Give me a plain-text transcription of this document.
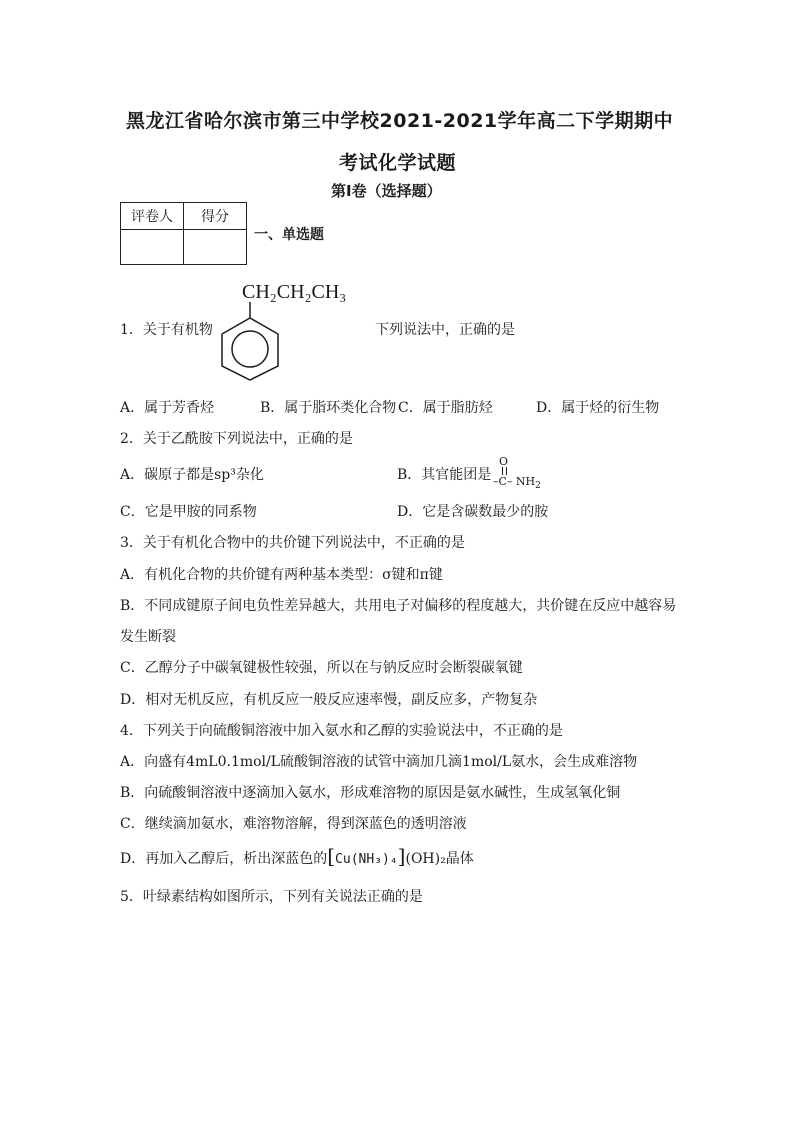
黑龙江省哈尔滨市第三中学校2021-2021学年高二下学期期中
考试化学试题
第I卷（选择题）
评卷人	得分

一、单选题
CH₂CH₂CH₃
1．关于有机物	下列说法中，正确的是
A．属于芳香烃	B．属于脂环类化合物 C．属于脂肪烃	D．属于烃的衍生物
2．关于乙酰胺下列说法中，正确的是
A．碳原子都是sp³杂化	B．其官能团是
O
–C– $NH_2$
C．它是甲胺的同系物	D．它是含碳数最少的胺
3．关于有机化合物中的共价键下列说法中，不正确的是
A．有机化合物的共价键有两种基本类型：σ键和π键
B．不同成键原子间电负性差异越大，共用电子对偏移的程度越大，共价键在反应中越容易
发生断裂
C．乙醇分子中碳氧键极性较强，所以在与钠反应时会断裂碳氧键
D．相对无机反应，有机反应一般反应速率慢，副反应多，产物复杂
4．下列关于向硫酸铜溶液中加入氨水和乙醇的实验说法中，不正确的是
A．向盛有4mL0.1mol/L硫酸铜溶液的试管中滴加几滴1mol/L氨水，会生成难溶物
B．向硫酸铜溶液中逐滴加入氨水，形成难溶物的原因是氨水碱性，生成氢氧化铜
C．继续滴加氨水，难溶物溶解，得到深蓝色的透明溶液
D．再加入乙醇后，析出深蓝色的[Cu(NH₃)₄](OH)₂晶体
5．叶绿素结构如图所示，下列有关说法正确的是
